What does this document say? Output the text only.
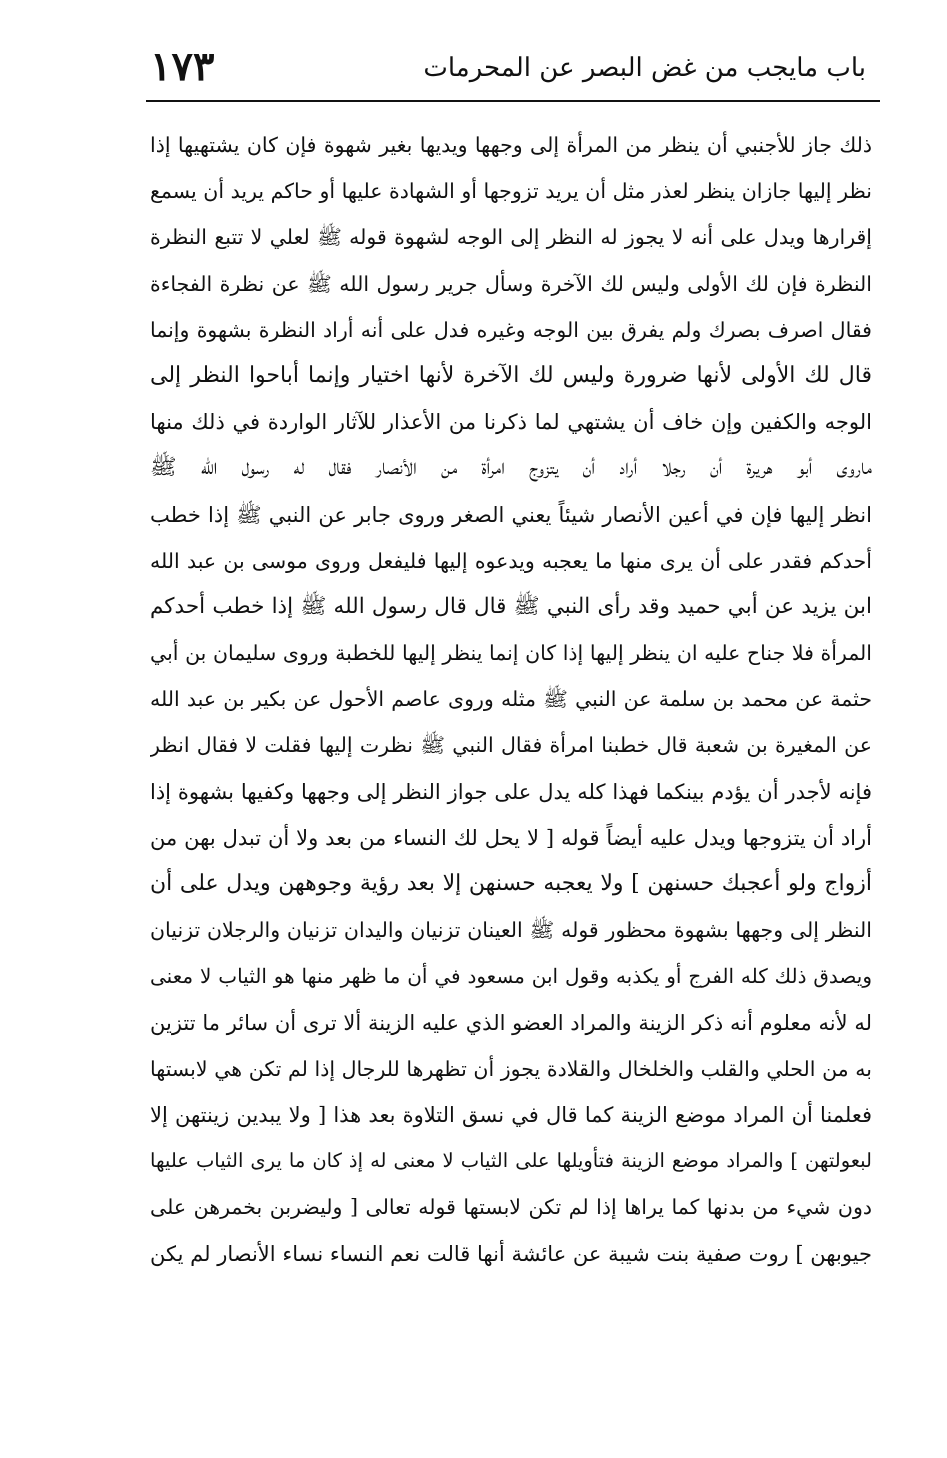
باب مايجب من غض البصر عن المحرمات
١٧٣
ذلك جاز للأجنبي أن ينظر من المرأة إلى وجهها ويديها بغير شهوة فإن كان يشتهيها إذا
نظر إليها جازان ينظر لعذر مثل أن يريد تزوجها أو الشهادة عليها أو حاكم يريد أن يسمع
إقرارها ويدل على أنه لا يجوز له النظر إلى الوجه لشهوة قوله ﷺ لعلي لا تتبع النظرة
النظرة فإن لك الأولى وليس لك الآخرة وسأل جرير رسول الله ﷺ عن نظرة الفجاءة
فقال اصرف بصرك ولم يفرق بين الوجه وغيره فدل على أنه أراد النظرة بشهوة وإنما
قال لك الأولى لأنها ضرورة وليس لك الآخرة لأنها اختيار وإنما أباحوا النظر إلى
الوجه والكفين وإن خاف أن يشتهي لما ذكرنا من الأعذار للآثار الواردة في ذلك منها
ماروى أبو هريرة أن رجلا أراد أن يتزوج امرأة من الأنصار فقال له رسول الله ﷺ
انظر إليها فإن في أعين الأنصار شيئاً يعني الصغر وروى جابر عن النبي ﷺ إذا خطب
أحدكم فقدر على أن يرى منها ما يعجبه ويدعوه إليها فليفعل وروى موسى بن عبد الله
ابن يزيد عن أبي حميد وقد رأى النبي ﷺ قال قال رسول الله ﷺ إذا خطب أحدكم
المرأة فلا جناح عليه ان ينظر إليها إذا كان إنما ينظر إليها للخطبة وروى سليمان بن أبي
حثمة عن محمد بن سلمة عن النبي ﷺ مثله وروى عاصم الأحول عن بكير بن عبد الله
عن المغيرة بن شعبة قال خطبنا امرأة فقال النبي ﷺ نظرت إليها فقلت لا فقال انظر
فإنه لأجدر أن يؤدم بينكما فهذا كله يدل على جواز النظر إلى وجهها وكفيها بشهوة إذا
أراد أن يتزوجها ويدل عليه أيضاً قوله [ لا يحل لك النساء من بعد ولا أن تبدل بهن من
أزواج ولو أعجبك حسنهن ] ولا يعجبه حسنهن إلا بعد رؤية وجوههن ويدل على أن
النظر إلى وجهها بشهوة محظور قوله ﷺ العينان تزنيان واليدان تزنيان والرجلان تزنيان
ويصدق ذلك كله الفرج أو يكذبه وقول ابن مسعود في أن ما ظهر منها هو الثياب لا معنى
له لأنه معلوم أنه ذكر الزينة والمراد العضو الذي عليه الزينة ألا ترى أن سائر ما تتزين
به من الحلي والقلب والخلخال والقلادة يجوز أن تظهرها للرجال إذا لم تكن هي لابستها
فعلمنا أن المراد موضع الزينة كما قال في نسق التلاوة بعد هذا [ ولا يبدين زينتهن إلا
لبعولتهن ] والمراد موضع الزينة فتأويلها على الثياب لا معنى له إذ كان ما يرى الثياب عليها
دون شيء من بدنها كما يراها إذا لم تكن لابستها قوله تعالى [ وليضربن بخمرهن على
جيوبهن ] روت صفية بنت شيبة عن عائشة أنها قالت نعم النساء نساء الأنصار لم يكن
